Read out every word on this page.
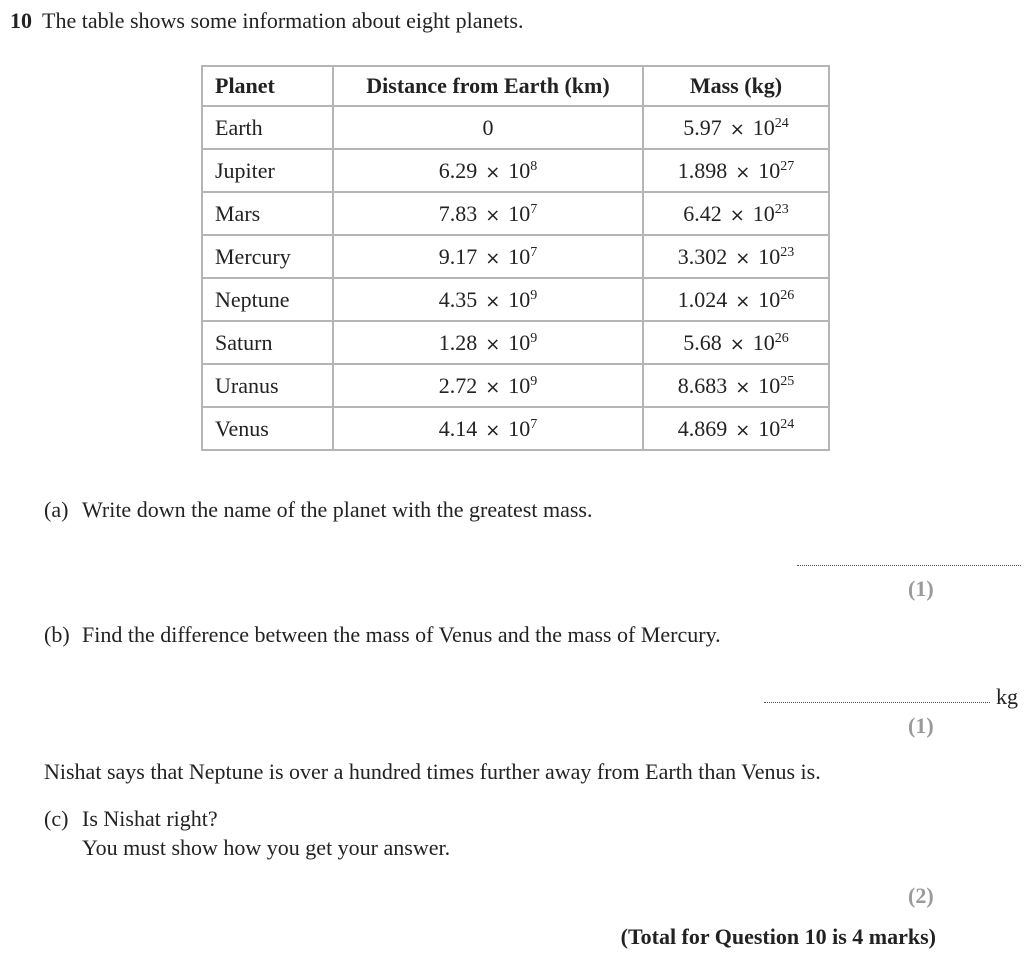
10 The table shows some information about eight planets.
Planet	Distance from Earth (km)	Mass (kg)
Earth	0	$5.97 \times 10^{24}$
Jupiter	$6.29 \times 10^8$	$1.898 \times 10^{27}$
Mars	$7.83 \times 10^7$	$6.42 \times 10^{23}$
Mercury	$9.17 \times 10^7$	$3.302 \times 10^{23}$
Neptune	$4.35 \times 10^9$	$1.024 \times 10^{26}$
Saturn	$1.28 \times 10^9$	$5.68 \times 10^{26}$
Uranus	$2.72 \times 10^9$	$8.683 \times 10^{25}$
Venus	$4.14 \times 10^7$	$4.869 \times 10^{24}$
(a) Write down the name of the planet with the greatest mass.
(1)
(b) Find the difference between the mass of Venus and the mass of Mercury.
kg
(1)
Nishat says that Neptune is over a hundred times further away from Earth than Venus is.
(c) Is Nishat right?
You must show how you get your answer.
(2)
(Total for Question 10 is 4 marks)
